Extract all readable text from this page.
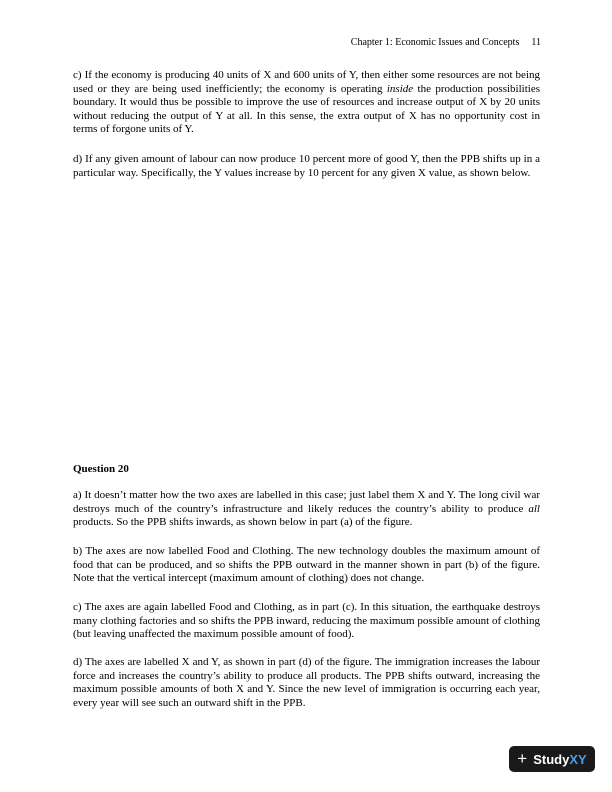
Chapter 1: Economic Issues and Concepts 11

c) If the economy is producing 40 units of X and 600 units of Y, then either some resources are not being used or they are being used inefficiently; the economy is operating inside the production possibilities boundary. It would thus be possible to improve the use of resources and increase output of X by 20 units without reducing the output of Y at all. In this sense, the extra output of X has no opportunity cost in terms of forgone units of Y.

d) If any given amount of labour can now produce 10 percent more of good Y, then the PPB shifts up in a particular way. Specifically, the Y values increase by 10 percent for any given X value, as shown below.

Question 20

a) It doesn’t matter how the two axes are labelled in this case; just label them X and Y. The long civil war destroys much of the country’s infrastructure and likely reduces the country’s ability to produce all products. So the PPB shifts inwards, as shown below in part (a) of the figure.

b) The axes are now labelled Food and Clothing. The new technology doubles the maximum amount of food that can be produced, and so shifts the PPB outward in the manner shown in part (b) of the figure. Note that the vertical intercept (maximum amount of clothing) does not change.

c) The axes are again labelled Food and Clothing, as in part (c). In this situation, the earthquake destroys many clothing factories and so shifts the PPB inward, reducing the maximum possible amount of clothing (but leaving unaffected the maximum possible amount of food).

d) The axes are labelled X and Y, as shown in part (d) of the figure. The immigration increases the labour force and increases the country’s ability to produce all products. The PPB shifts outward, increasing the maximum possible amounts of both X and Y. Since the new level of immigration is occurring each year, every year will see such an outward shift in the PPB.

+ StudyXY
